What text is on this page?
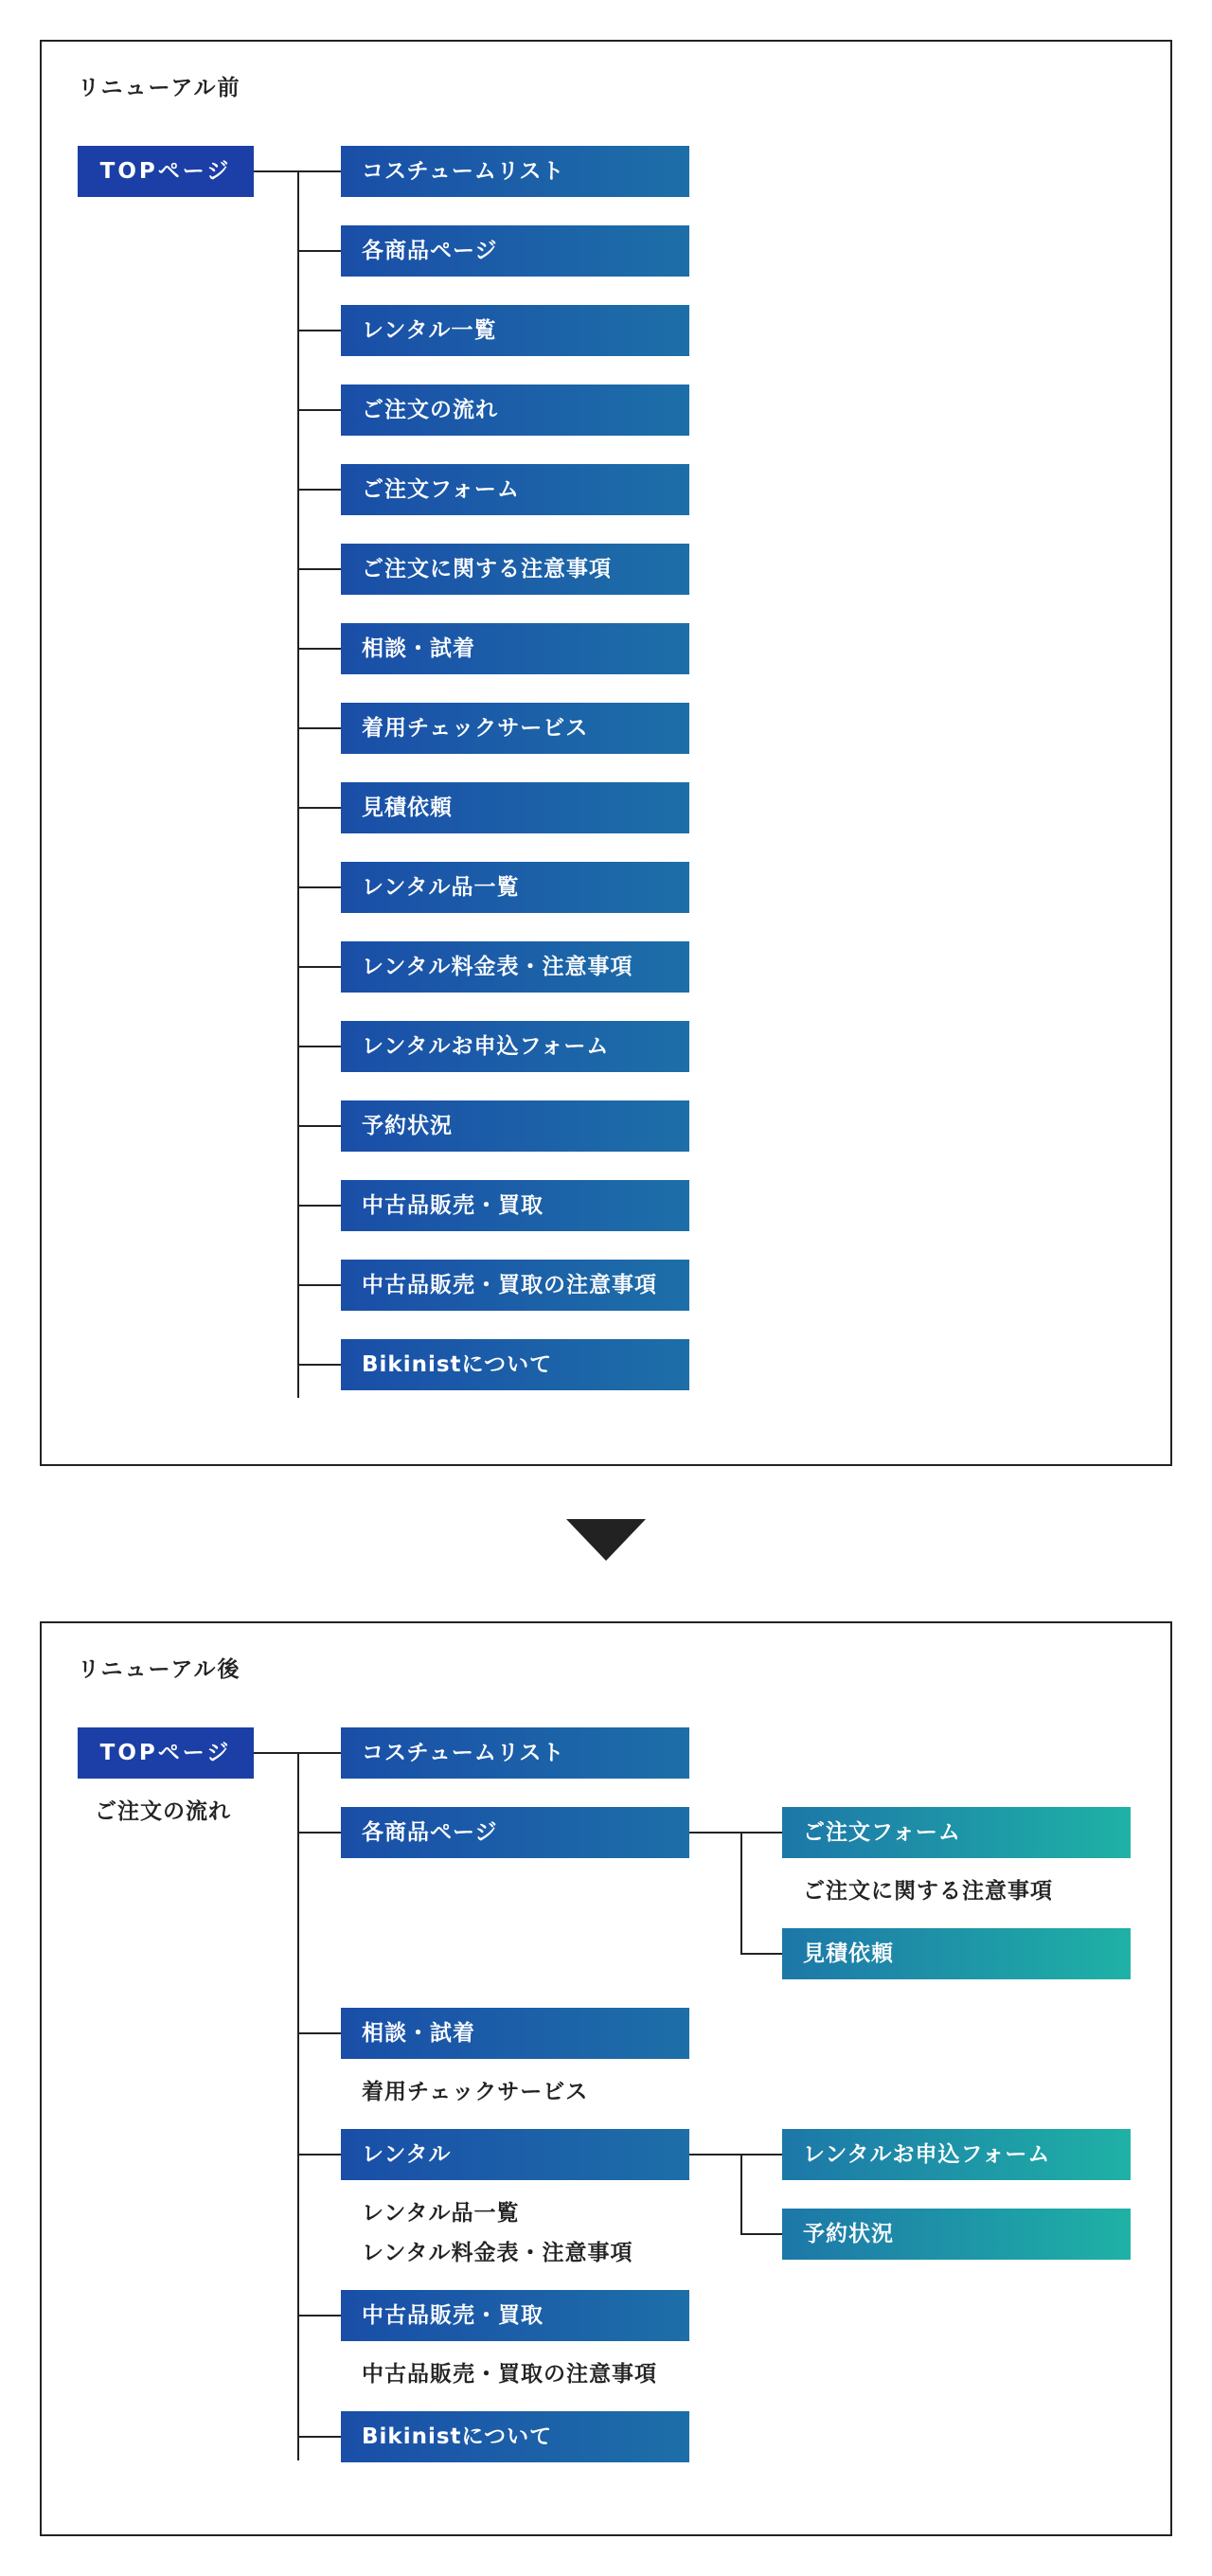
リニューアル前
TOPページ	コスチュームリスト
各商品ページ
レンタル一覧
ご注文の流れ
ご注文フォーム
ご注文に関する注意事項
相談・試着
着用チェックサービス
見積依頼
レンタル品一覧
レンタル料金表・注意事項
レンタルお申込フォーム
予約状況
中古品販売・買取
中古品販売・買取の注意事項
Bikinistについて
リニューアル後
TOPページ
ご注文の流れ
コスチュームリスト
各商品ページ	ご注文フォーム
ご注文に関する注意事項
見積依頼
相談・試着
着用チェックサービス
レンタル
レンタル品一覧
レンタル料金表・注意事項
レンタルお申込フォーム
予約状況
中古品販売・買取
中古品販売・買取の注意事項
Bikinistについて
